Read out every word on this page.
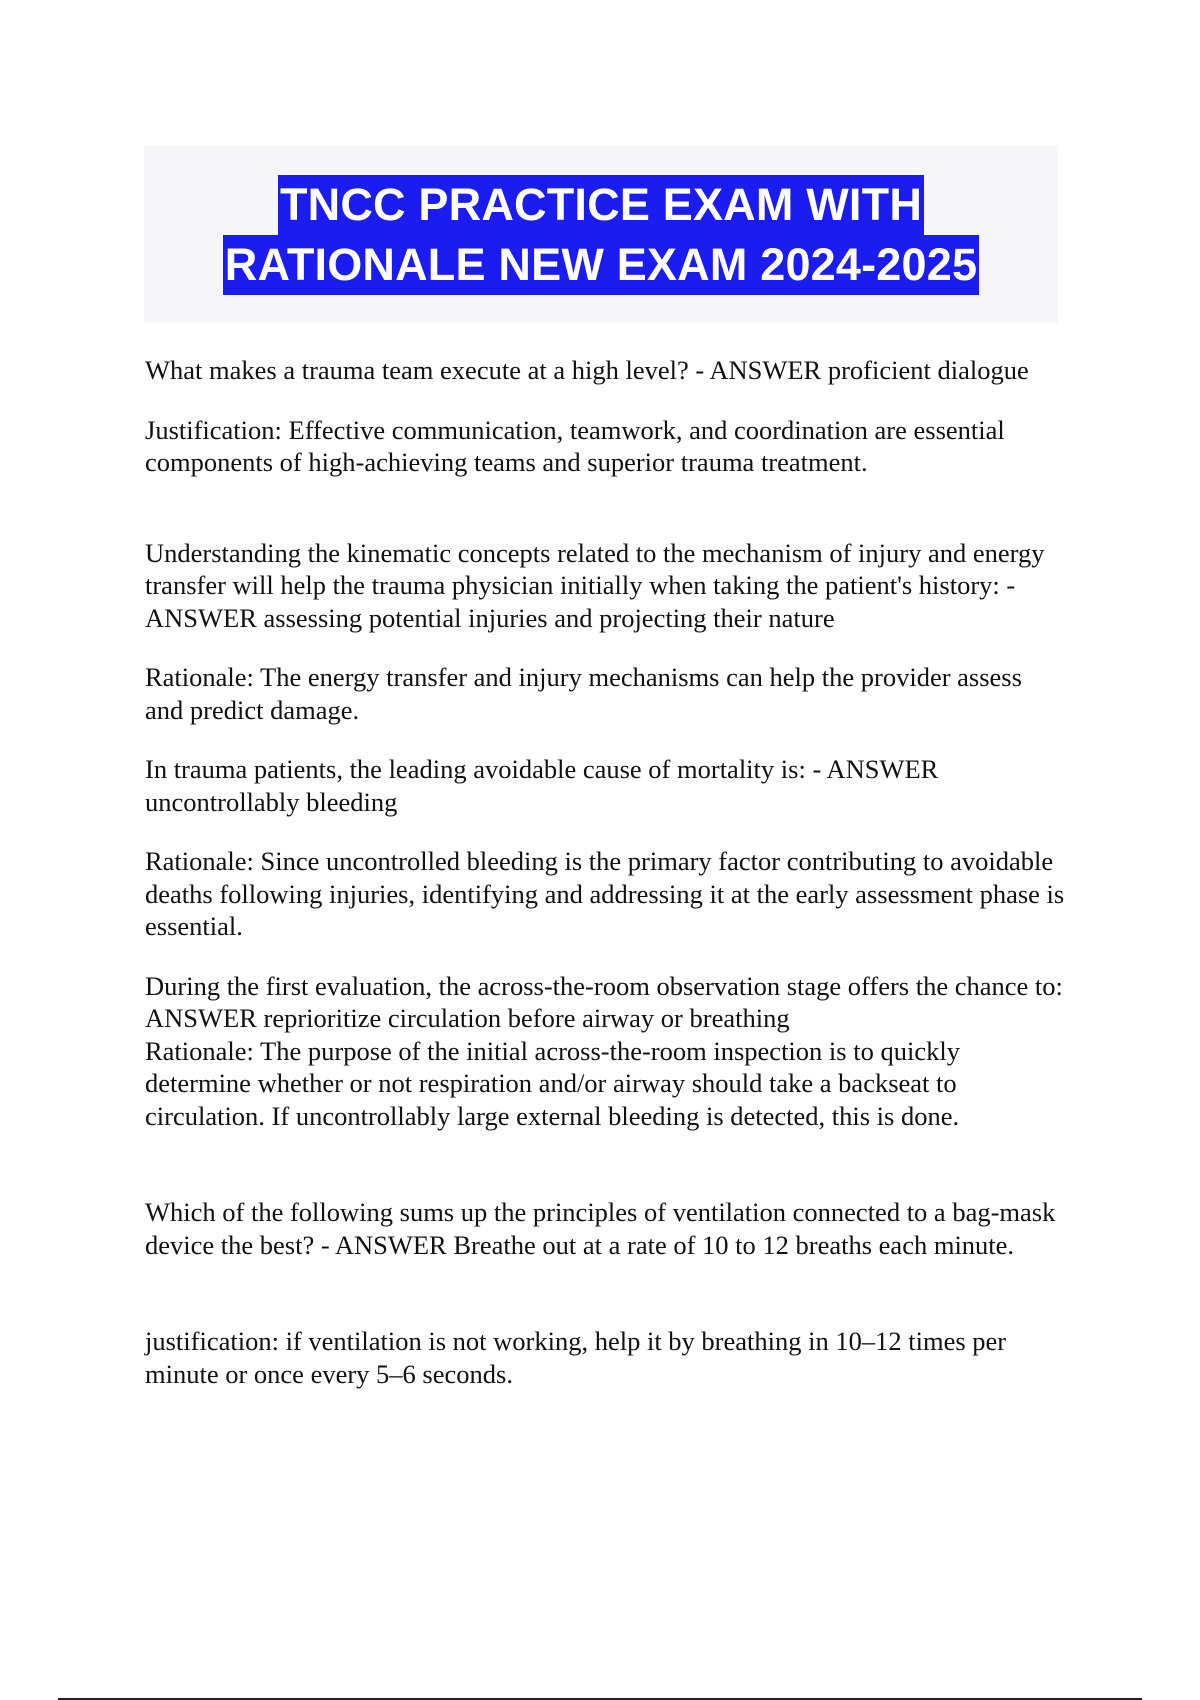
TNCC PRACTICE EXAM WITH
RATIONALE NEW EXAM 2024-2025

What makes a trauma team execute at a high level? - ANSWER proficient dialogue

Justification: Effective communication, teamwork, and coordination are essential components of high-achieving teams and superior trauma treatment.

Understanding the kinematic concepts related to the mechanism of injury and energy transfer will help the trauma physician initially when taking the patient's history: - ANSWER assessing potential injuries and projecting their nature

Rationale: The energy transfer and injury mechanisms can help the provider assess and predict damage.

In trauma patients, the leading avoidable cause of mortality is: - ANSWER uncontrollably bleeding

Rationale: Since uncontrolled bleeding is the primary factor contributing to avoidable deaths following injuries, identifying and addressing it at the early assessment phase is essential.

During the first evaluation, the across-the-room observation stage offers the chance to: ANSWER reprioritize circulation before airway or breathing

Rationale: The purpose of the initial across-the-room inspection is to quickly determine whether or not respiration and/or airway should take a backseat to circulation. If uncontrollably large external bleeding is detected, this is done.

Which of the following sums up the principles of ventilation connected to a bag-mask device the best? - ANSWER Breathe out at a rate of 10 to 12 breaths each minute.

justification: if ventilation is not working, help it by breathing in 10–12 times per minute or once every 5–6 seconds.
